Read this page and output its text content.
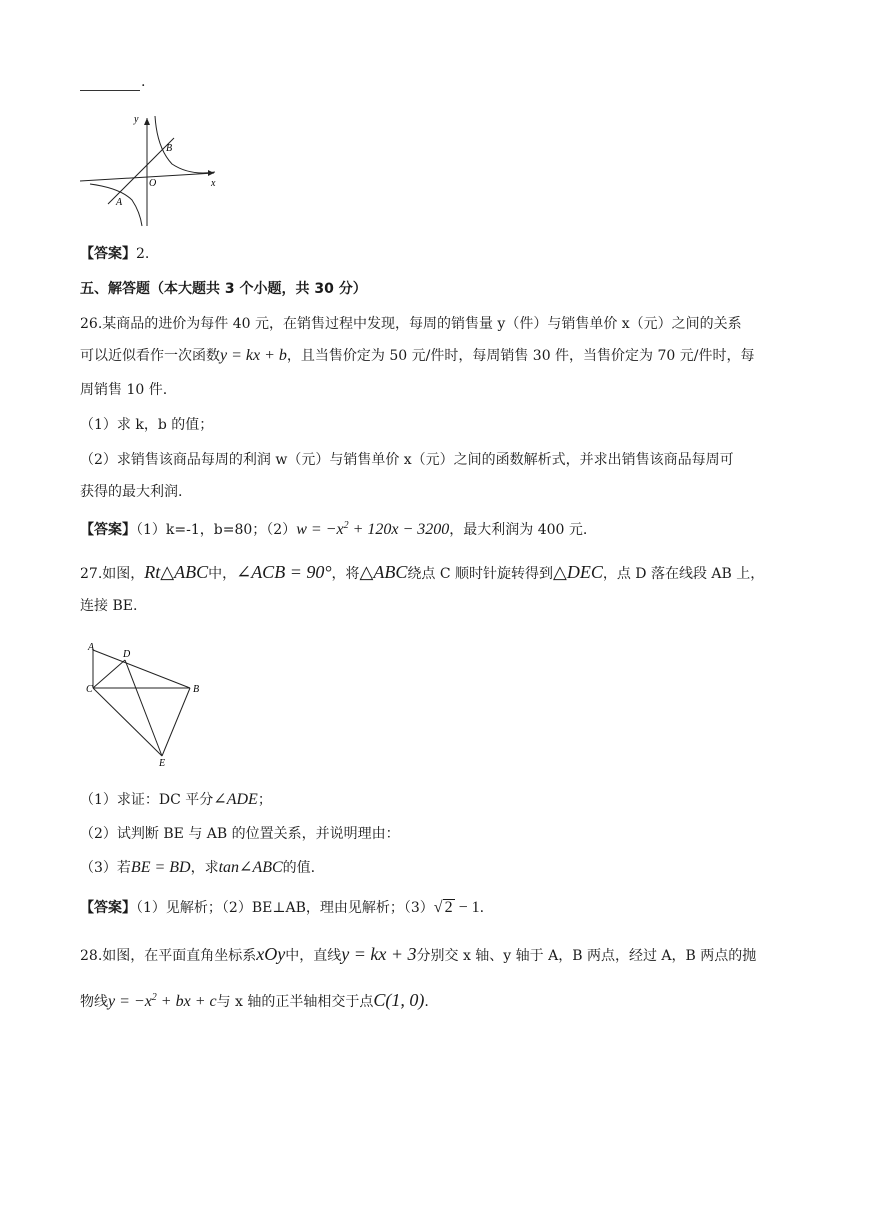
.
y
x
O
A
B
【答案】2.
五、解答题（本大题共 3 个小题，共 30 分）
26.某商品的进价为每件 40 元，在销售过程中发现，每周的销售量 y（件）与销售单价 x（元）之间的关系
可以近似看作一次函数y = kx + b，且当售价定为 50 元/件时，每周销售 30 件，当售价定为 70 元/件时，每
周销售 10 件.
（1）求 k，b 的值；
（2）求销售该商品每周的利润 w（元）与销售单价 x（元）之间的函数解析式，并求出销售该商品每周可
获得的最大利润.
【答案】（1）k=-1，b=80；$(2)w = -x^2 + 120x - 3200$，最大利润为 400 元.
27.如图，Rt△ABC中，∠ACB = 90°，将△ABC绕点 C 顺时针旋转得到△DEC，点 D 落在线段 AB 上，
连接 BE.
A
D
C	B
E
（1）求证：DC 平分∠ADE；
（2）试判断 BE 与 AB 的位置关系，并说明理由：
（3）若BE = BD，求tan∠ABC的值.
【答案】（1）见解析；（2）BE⊥AB，理由见解析；（3）√ 2 − 1.
28.如图，在平面直角坐标系xOy中，直线y = kx + 3分别交 x 轴、y 轴于 A，B 两点，经过 A，B 两点的抛
物线$y = -x^2$ + bx + c与 x 轴的正半轴相交于点C(1, 0).
